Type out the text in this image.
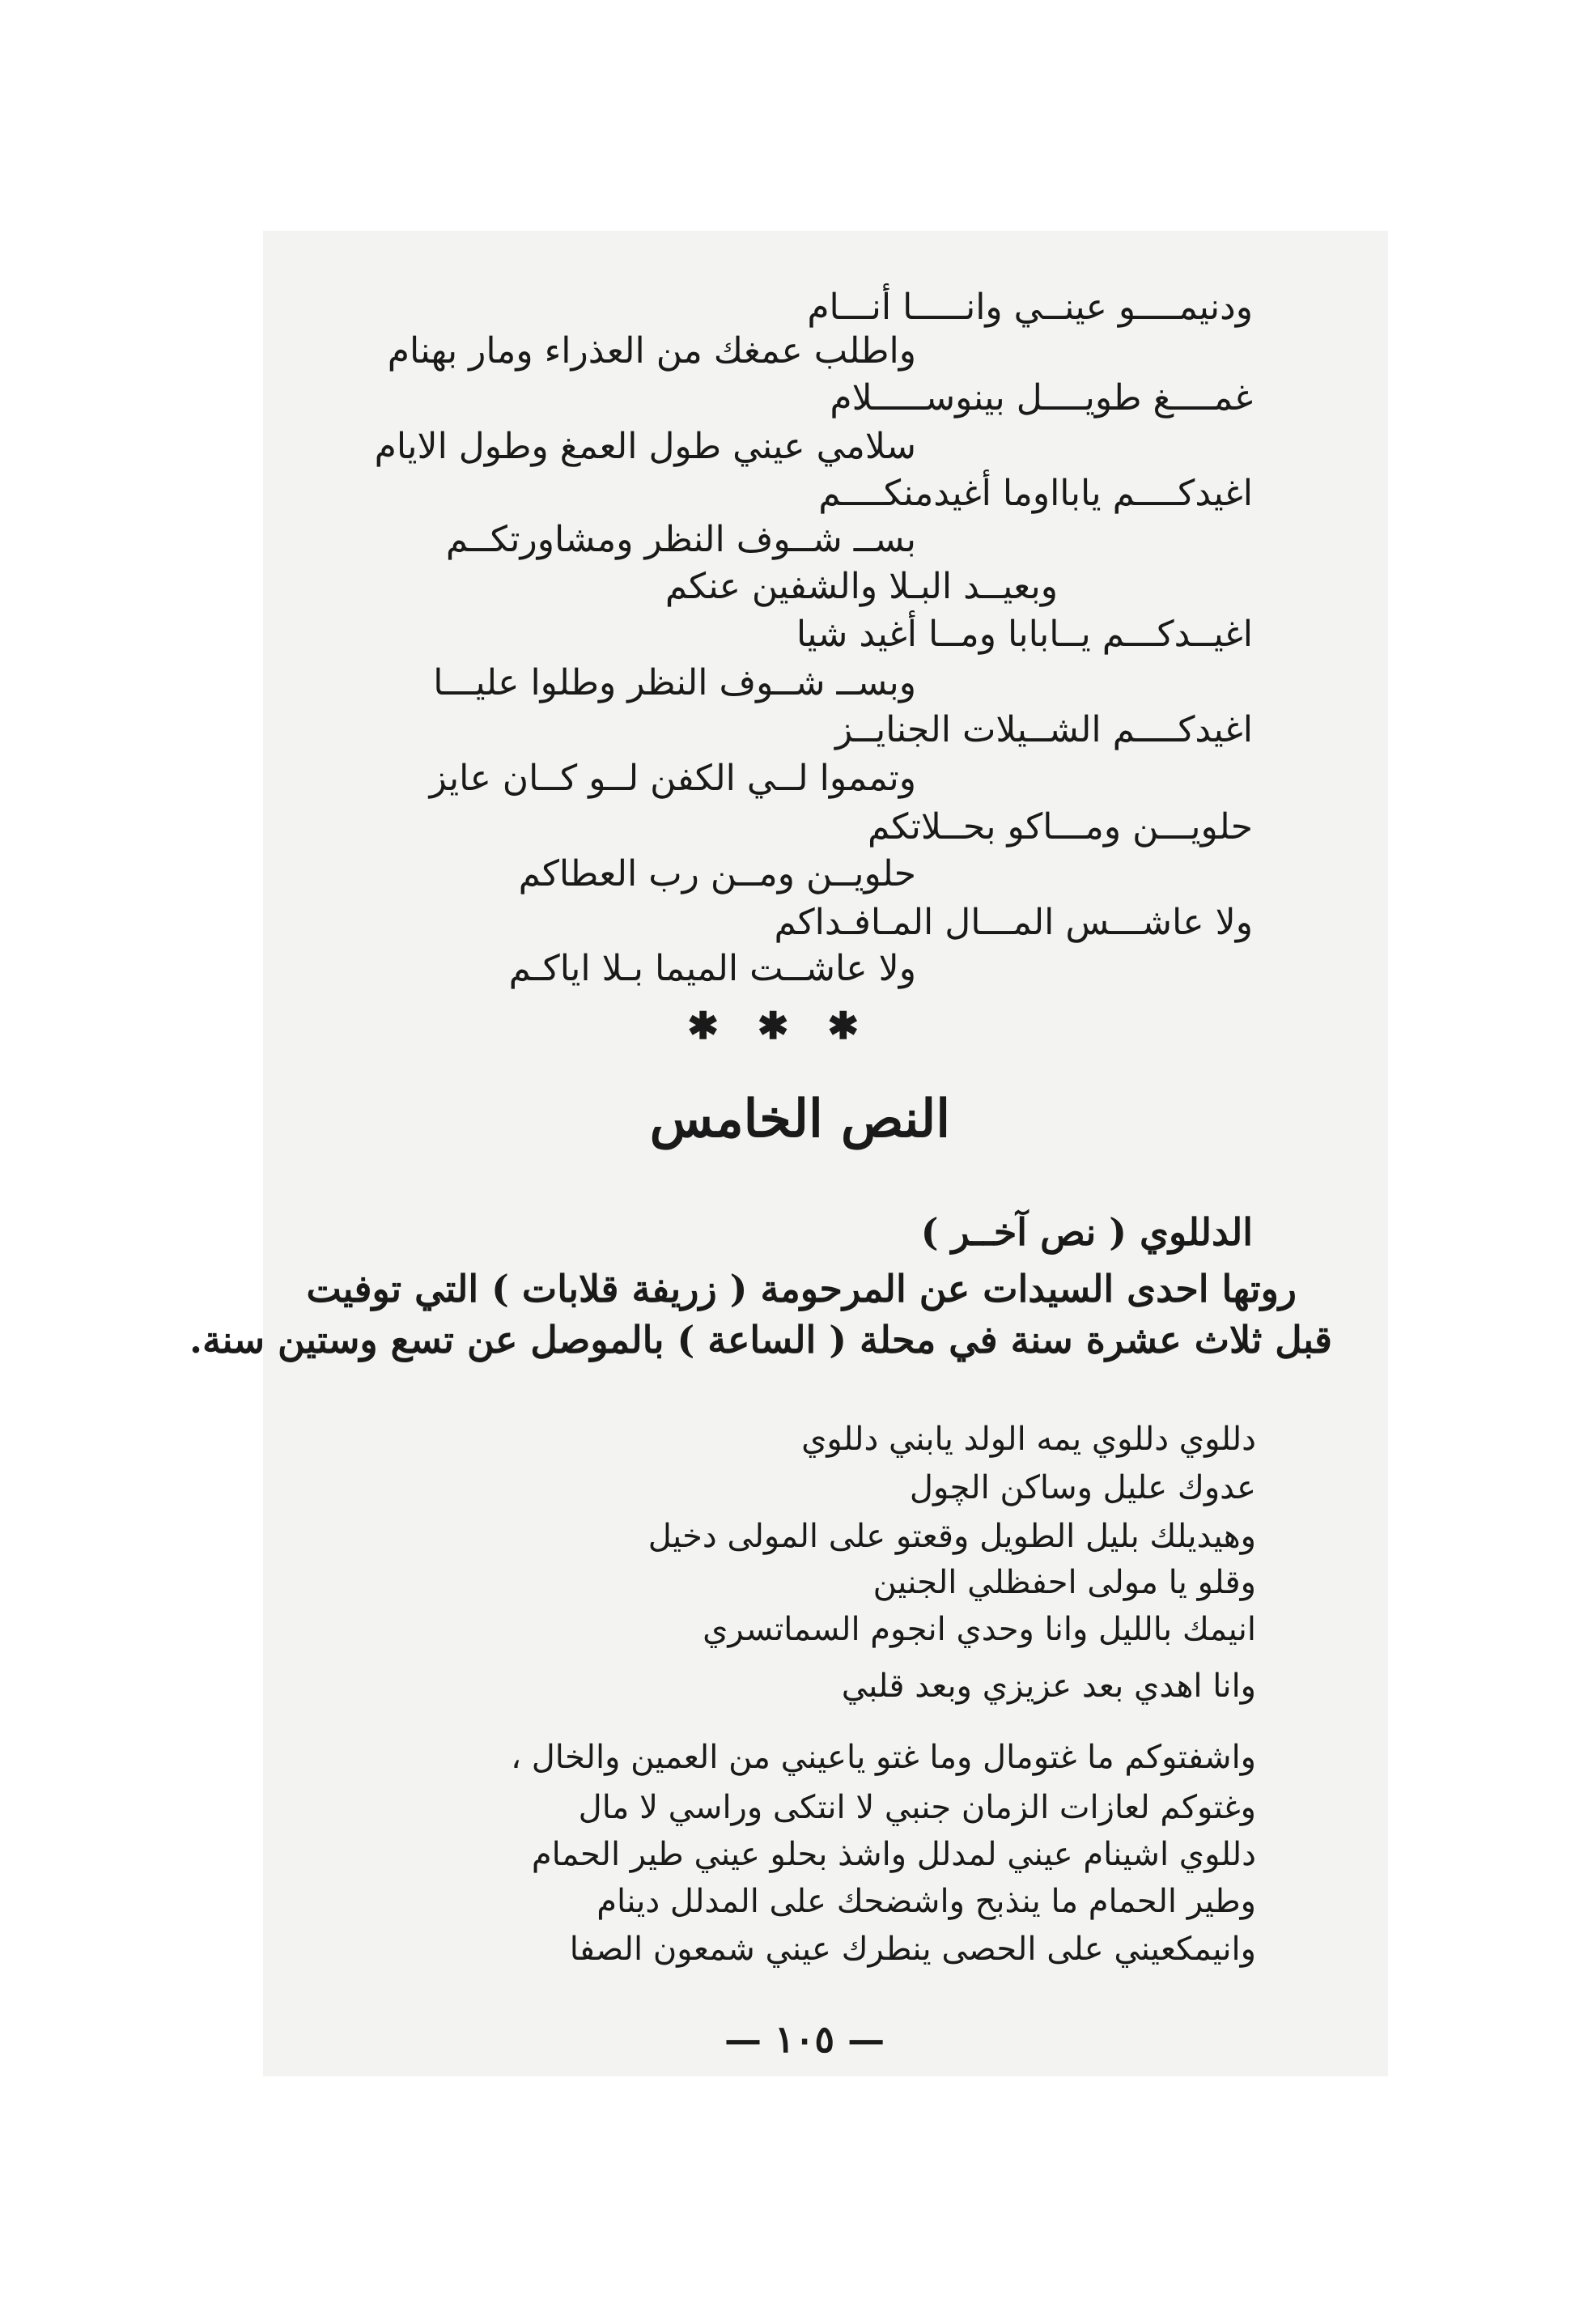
ودنيمــــو عينــي وانـــــا أنـــام
واطلب عمغك من العذراء ومار بهنام
غمــــغ طويــــل بينوســـــلام
سلامي عيني طول العمغ وطول الايام
اغيدكــــم يابااوما أغيدمنكــــم
بســ شــوف النظر ومشاورتكــم
وبعيــد البـلا والشفين عنكم
اغيــدكـــم يــابابا ومــا أغيد شيا
وبســ شــوف النظر وطلوا عليـــا
اغيدكــــم الشــيلات الجنايــز
وتمموا لــي الكفن لــو كــان عايز
حلويـــن ومـــاكو بحــلاتكم
حلويــن ومــن رب العطاكم
ولا عاشـــس المـــال المـافـداكم
ولا عاشــت الميما بـلا اياكـم
✱ ✱ ✱
النص الخامس
الدللوي ( نص آخــر )
روتها احدى السيدات عن المرحومة ( زريفة قلابات ) التي توفيت
قبل ثلاث عشرة سنة في محلة ( الساعة ) بالموصل عن تسع وستين سنة.
دللوي دللوي يمه الولد يابني دللوي
عدوك عليل وساكن الچول
وهيديلك بليل الطويل وقعتو على المولى دخيل
وقلو يا مولى احفظلي الجنين
انيمك بالليل وانا وحدي انجوم السماتسري
وانا اهدي بعد عزيزي وبعد قلبي
واشفتوكم ما غتومال وما غتو ياعيني من العمين والخال ،
وغتوكم لعازات الزمان جنبي لا انتكى وراسي لا مال
دللوي اشينام عيني لمدلل واشذ بحلو عيني طير الحمام
وطير الحمام ما ينذبح واشضحك على المدلل دينام
وانيمكعيني على الحصى ينطرك عيني شمعون الصفا
— ١٠٥ —
